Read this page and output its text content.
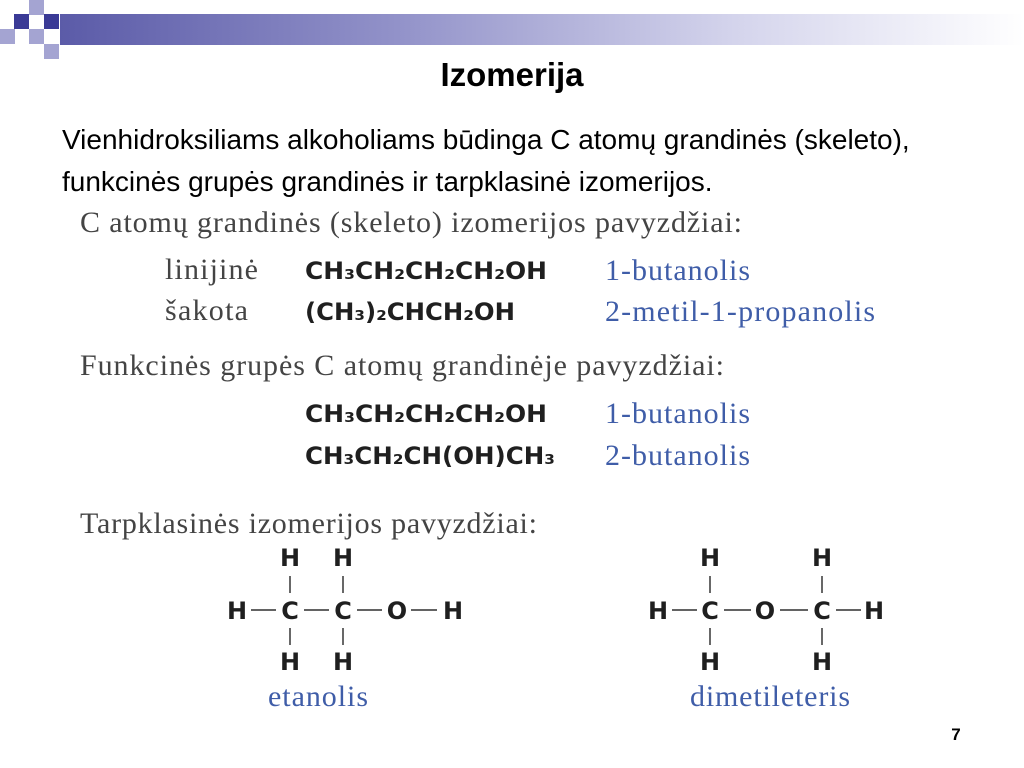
Izomerija
Vienhidroksiliams alkoholiams būdinga C atomų grandinės (skeleto),
funkcinės grupės grandinės ir tarpklasinė izomerijos.
C atomų grandinės (skeleto) izomerijos pavyzdžiai:
linijinė CH₃CH₂CH₂CH₂OH 1-butanolis
šakota (CH₃)₂CHCH₂OH	2-metil-1-propanolis
Funkcinės grupės C atomų grandinėje pavyzdžiai:
CH₃CH₂CH₂CH₂OH 1-butanolis
CH₃CH₂CH(OH)CH₃ 2-butanolis
Tarpklasinės izomerijos pavyzdžiai:
H H
H C C O H
H H
etanolis
H	H
H C O C H
H	H
dimetileteris
7
